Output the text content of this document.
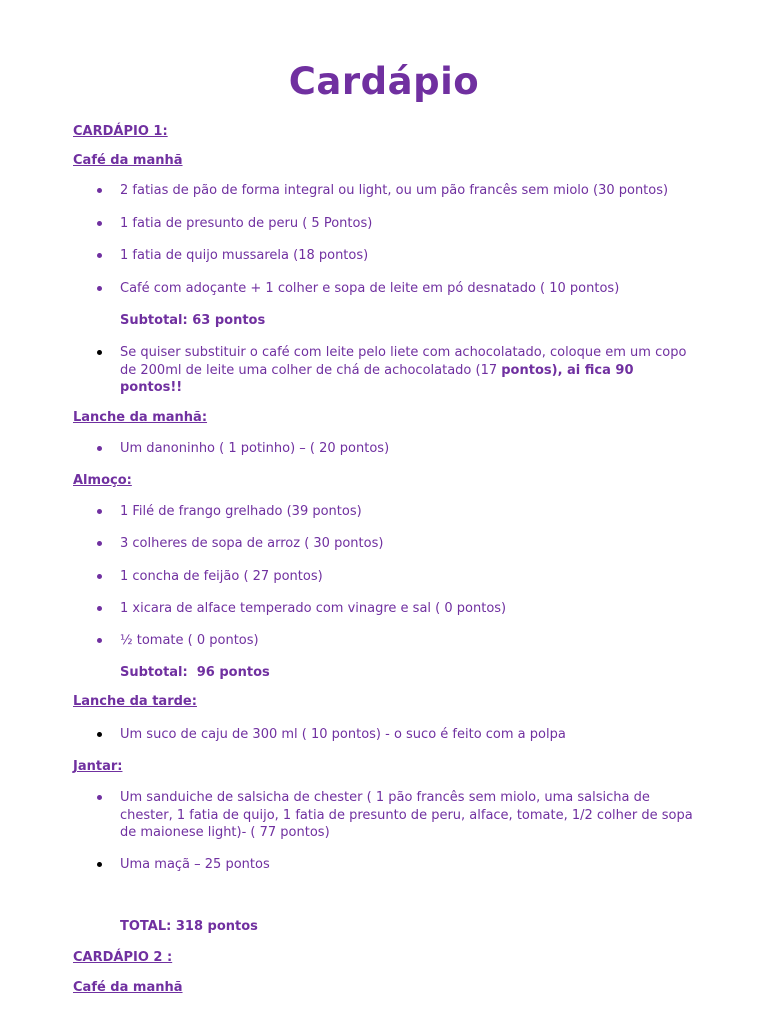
Cardápio
CARDÁPIO 1:
Café da manhã
2 fatias de pão de forma integral ou light, ou um pão francês sem miolo (30 pontos)
1 fatia de presunto de peru ( 5 Pontos)
1 fatia de quijo mussarela (18 pontos)
Café com adoçante + 1 colher e sopa de leite em pó desnatado ( 10 pontos)
Subtotal: 63 pontos
Se quiser substituir o café com leite pelo liete com achocolatado, coloque em um copo de 200ml de leite uma colher de chá de achocolatado (17 pontos), ai fica 90 pontos!!
Lanche da manhã:
Um danoninho ( 1 potinho) – ( 20 pontos)
Almoço:
1 Filé de frango grelhado (39 pontos)
3 colheres de sopa de arroz ( 30 pontos)
1 concha de feijão ( 27 pontos)
1 xicara de alface temperado com vinagre e sal ( 0 pontos)
½ tomate ( 0 pontos)
Subtotal:  96 pontos
Lanche da tarde:
Um suco de caju de 300 ml ( 10 pontos) - o suco é feito com a polpa
Jantar:
Um sanduiche de salsicha de chester ( 1 pão francês sem miolo, uma salsicha de chester, 1 fatia de quijo, 1 fatia de presunto de peru, alface, tomate, 1/2 colher de sopa de maionese light)- ( 77 pontos)
Uma maçã – 25 pontos
TOTAL: 318 pontos
CARDÁPIO 2 :
Café da manhã
